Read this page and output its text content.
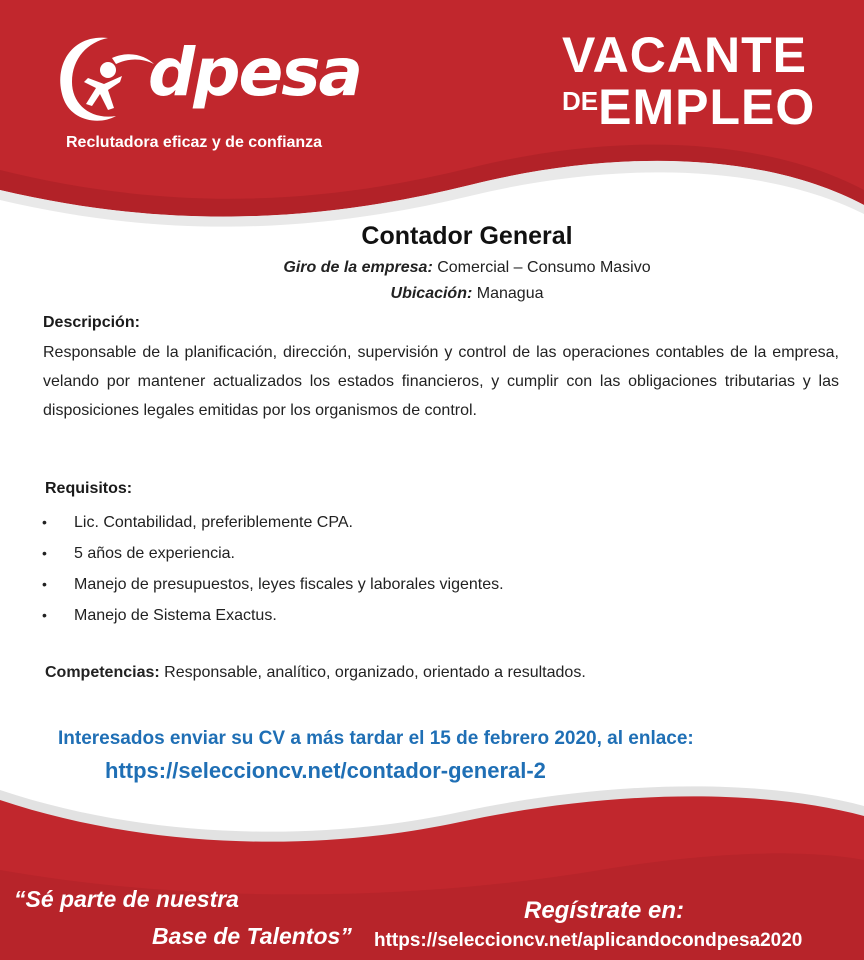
dpesa
Reclutadora eficaz y de confianza
VACANTE
DEEMPLEO
Contador General
Giro de la empresa: Comercial – Consumo Masivo
Ubicación: Managua
Descripción:
Responsable de la planificación, dirección, supervisión y control de las operaciones contables de la empresa, velando por mantener actualizados los estados financieros, y cumplir con las obligaciones tributarias y las disposiciones legales emitidas por los organismos de control.
Requisitos:
• Lic. Contabilidad, preferiblemente CPA.
• 5 años de experiencia.
• Manejo de presupuestos, leyes fiscales y laborales vigentes.
• Manejo de Sistema Exactus.
Competencias: Responsable, analítico, organizado, orientado a resultados.
Interesados enviar su CV a más tardar el 15 de febrero 2020, al enlace:
https://seleccioncv.net/contador-general-2
“Sé parte de nuestra
Base de Talentos”
Regístrate en:
https://seleccioncv.net/aplicandocondpesa2020
